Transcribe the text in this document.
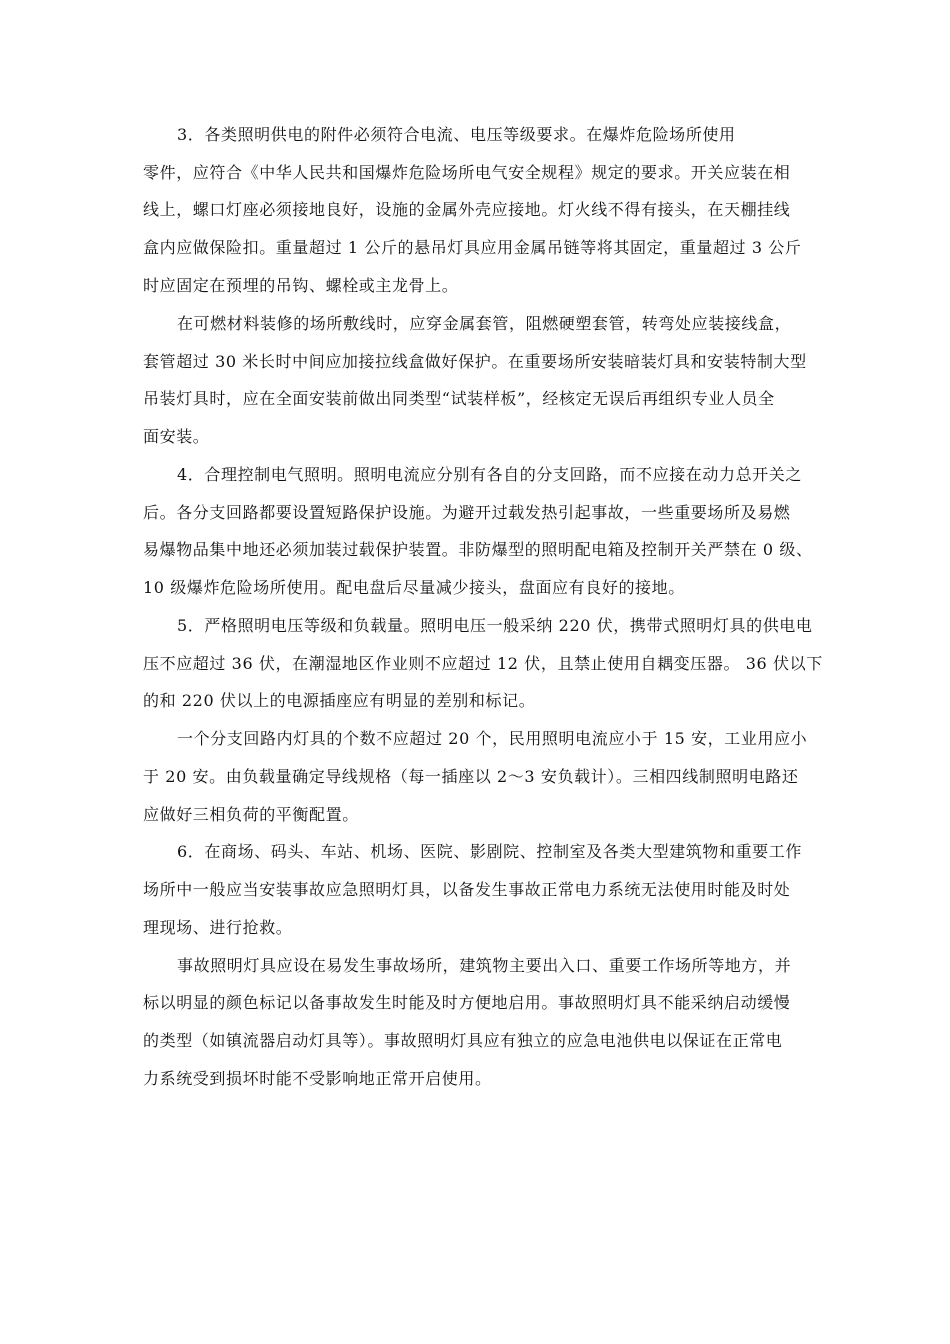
3．各类照明供电的附件必须符合电流、电压等级要求。在爆炸危险场所使用

零件，应符合《中华人民共和国爆炸危险场所电气安全规程》规定的要求。开关应装在相

线上，螺口灯座必须接地良好，设施的金属外壳应接地。灯火线不得有接头，在天棚挂线

盒内应做保险扣。重量超过 1 公斤的悬吊灯具应用金属吊链等将其固定，重量超过 3 公斤

时应固定在预埋的吊钩、螺栓或主龙骨上。

在可燃材料装修的场所敷线时，应穿金属套管，阻燃硬塑套管，转弯处应装接线盒，

套管超过 30 米长时中间应加接拉线盒做好保护。在重要场所安装暗装灯具和安装特制大型

吊装灯具时，应在全面安装前做出同类型“试装样板”，经核定无误后再组织专业人员全

面安装。

4．合理控制电气照明。照明电流应分别有各自的分支回路，而不应接在动力总开关之

后。各分支回路都要设置短路保护设施。为避开过载发热引起事故，一些重要场所及易燃

易爆物品集中地还必须加装过载保护装置。非防爆型的照明配电箱及控制开关严禁在 0 级、

10 级爆炸危险场所使用。配电盘后尽量减少接头，盘面应有良好的接地。

5．严格照明电压等级和负载量。照明电压一般采纳 220 伏，携带式照明灯具的供电电

压不应超过 36 伏，在潮湿地区作业则不应超过 12 伏，且禁止使用自耦变压器。 36 伏以下

的和 220 伏以上的电源插座应有明显的差别和标记。

一个分支回路内灯具的个数不应超过 20 个，民用照明电流应小于 15 安，工业用应小

于 20 安。由负载量确定导线规格（每一插座以 2～3 安负载计）。三相四线制照明电路还

应做好三相负荷的平衡配置。

6．在商场、码头、车站、机场、医院、影剧院、控制室及各类大型建筑物和重要工作

场所中一般应当安装事故应急照明灯具，以备发生事故正常电力系统无法使用时能及时处

理现场、进行抢救。

事故照明灯具应设在易发生事故场所，建筑物主要出入口、重要工作场所等地方，并

标以明显的颜色标记以备事故发生时能及时方便地启用。事故照明灯具不能采纳启动缓慢

的类型（如镇流器启动灯具等）。事故照明灯具应有独立的应急电池供电以保证在正常电

力系统受到损坏时能不受影响地正常开启使用。
